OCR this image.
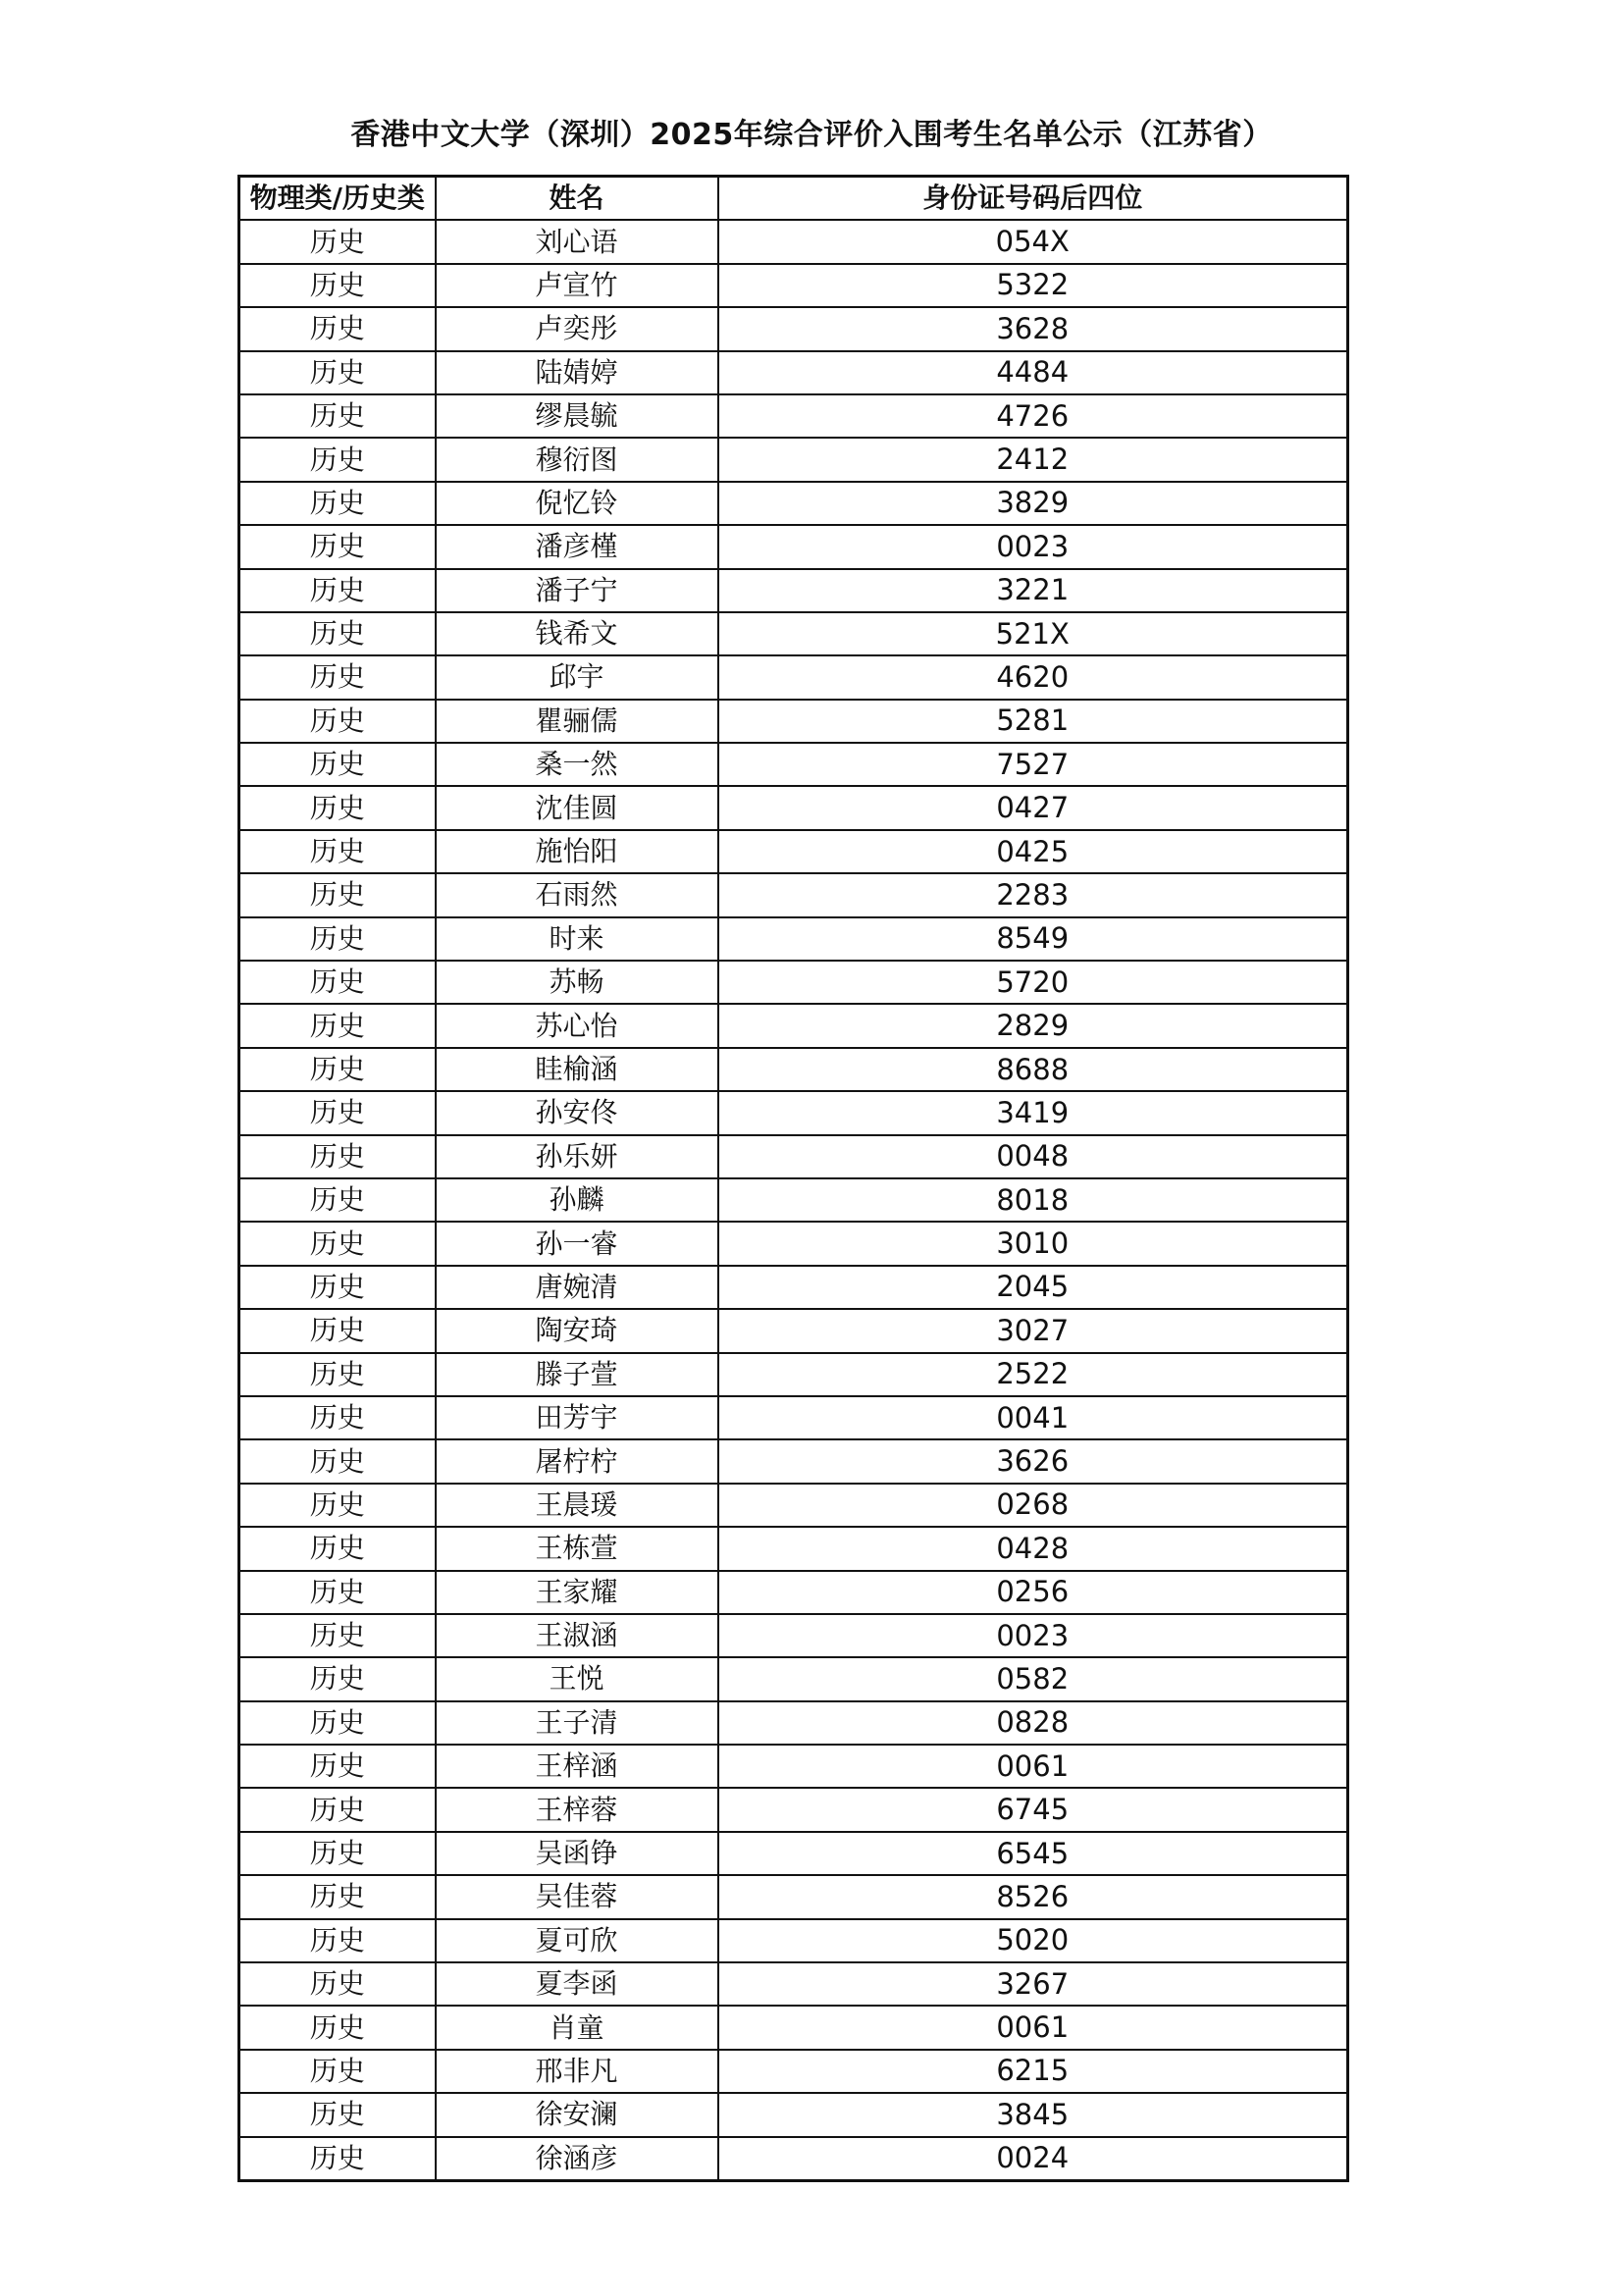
香港中文大学（深圳）2025年综合评价入围考生名单公示（江苏省）
物理类/历史类	姓名	身份证号码后四位
历史	刘心语	054X
历史	卢宣竹	5322
历史	卢奕彤	3628
历史	陆婧婷	4484
历史	缪晨毓	4726
历史	穆衍图	2412
历史	倪忆铃	3829
历史	潘彦槿	0023
历史	潘子宁	3221
历史	钱希文	521X
历史	邱宇	4620
历史	瞿骊儒	5281
历史	桑一然	7527
历史	沈佳圆	0427
历史	施怡阳	0425
历史	石雨然	2283
历史	时来	8549
历史	苏畅	5720
历史	苏心怡	2829
历史	眭榆涵	8688
历史	孙安佟	3419
历史	孙乐妍	0048
历史	孙麟	8018
历史	孙一睿	3010
历史	唐婉清	2045
历史	陶安琦	3027
历史	滕子萱	2522
历史	田芳宇	0041
历史	屠柠柠	3626
历史	王晨瑗	0268
历史	王栋萱	0428
历史	王家耀	0256
历史	王淑涵	0023
历史	王悦	0582
历史	王子清	0828
历史	王梓涵	0061
历史	王梓蓉	6745
历史	吴函铮	6545
历史	吴佳蓉	8526
历史	夏可欣	5020
历史	夏李函	3267
历史	肖童	0061
历史	邢非凡	6215
历史	徐安澜	3845
历史	徐涵彦	0024
